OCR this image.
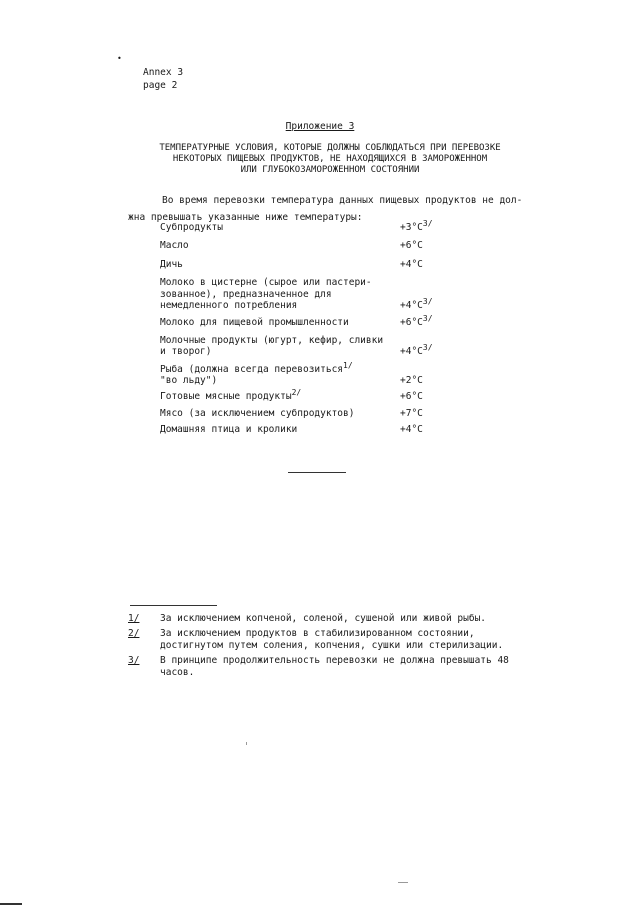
•
Annex 3
page 2
Приложение 3
ТЕМПЕРАТУРНЫЕ УСЛОВИЯ, КОТОРЫЕ ДОЛЖНЫ СОБЛЮДАТЬСЯ ПРИ ПЕРЕВОЗКЕ
НЕКОТОРЫХ ПИЩЕВЫХ ПРОДУКТОВ, НЕ НАХОДЯЩИХСЯ В ЗАМОРОЖЕННОМ
ИЛИ ГЛУБОКОЗАМОРОЖЕННОМ СОСТОЯНИИ
Во время перевозки температура данных пищевых продуктов не дол-
жна превышать указанные ниже температуры:
Субпродукты	$+3^\circ C^{3/}$
Масло	+6°C
Дичь	+4°C
Молоко в цистерне (сырое или пастери-
зованное), предназначенное для
немедленного потребления	$+4^\circ C^{3/}$
Молоко для пищевой промышленности	$+6^\circ C^{3/}$
Молочные продукты (югурт, кефир, сливки
и творог)	$+4^\circ C^{3/}$
Рыба (должна всегда перевозиться$^{1/}$
"во льду")	+2°C
Готовые мясные продукты$^{2/}$	+6°C
Мясо (за исключением субпродуктов)	+7°C
Домашняя птица и кролики	+4°C
1/	За исключением копченой, соленой, сушеной или живой рыбы.
2/	За исключением продуктов в стабилизированном состоянии, достигнутом путем соления, копчения, сушки или стерилизации.
3/	В принципе продолжительность перевозки не должна превышать 48 часов.
